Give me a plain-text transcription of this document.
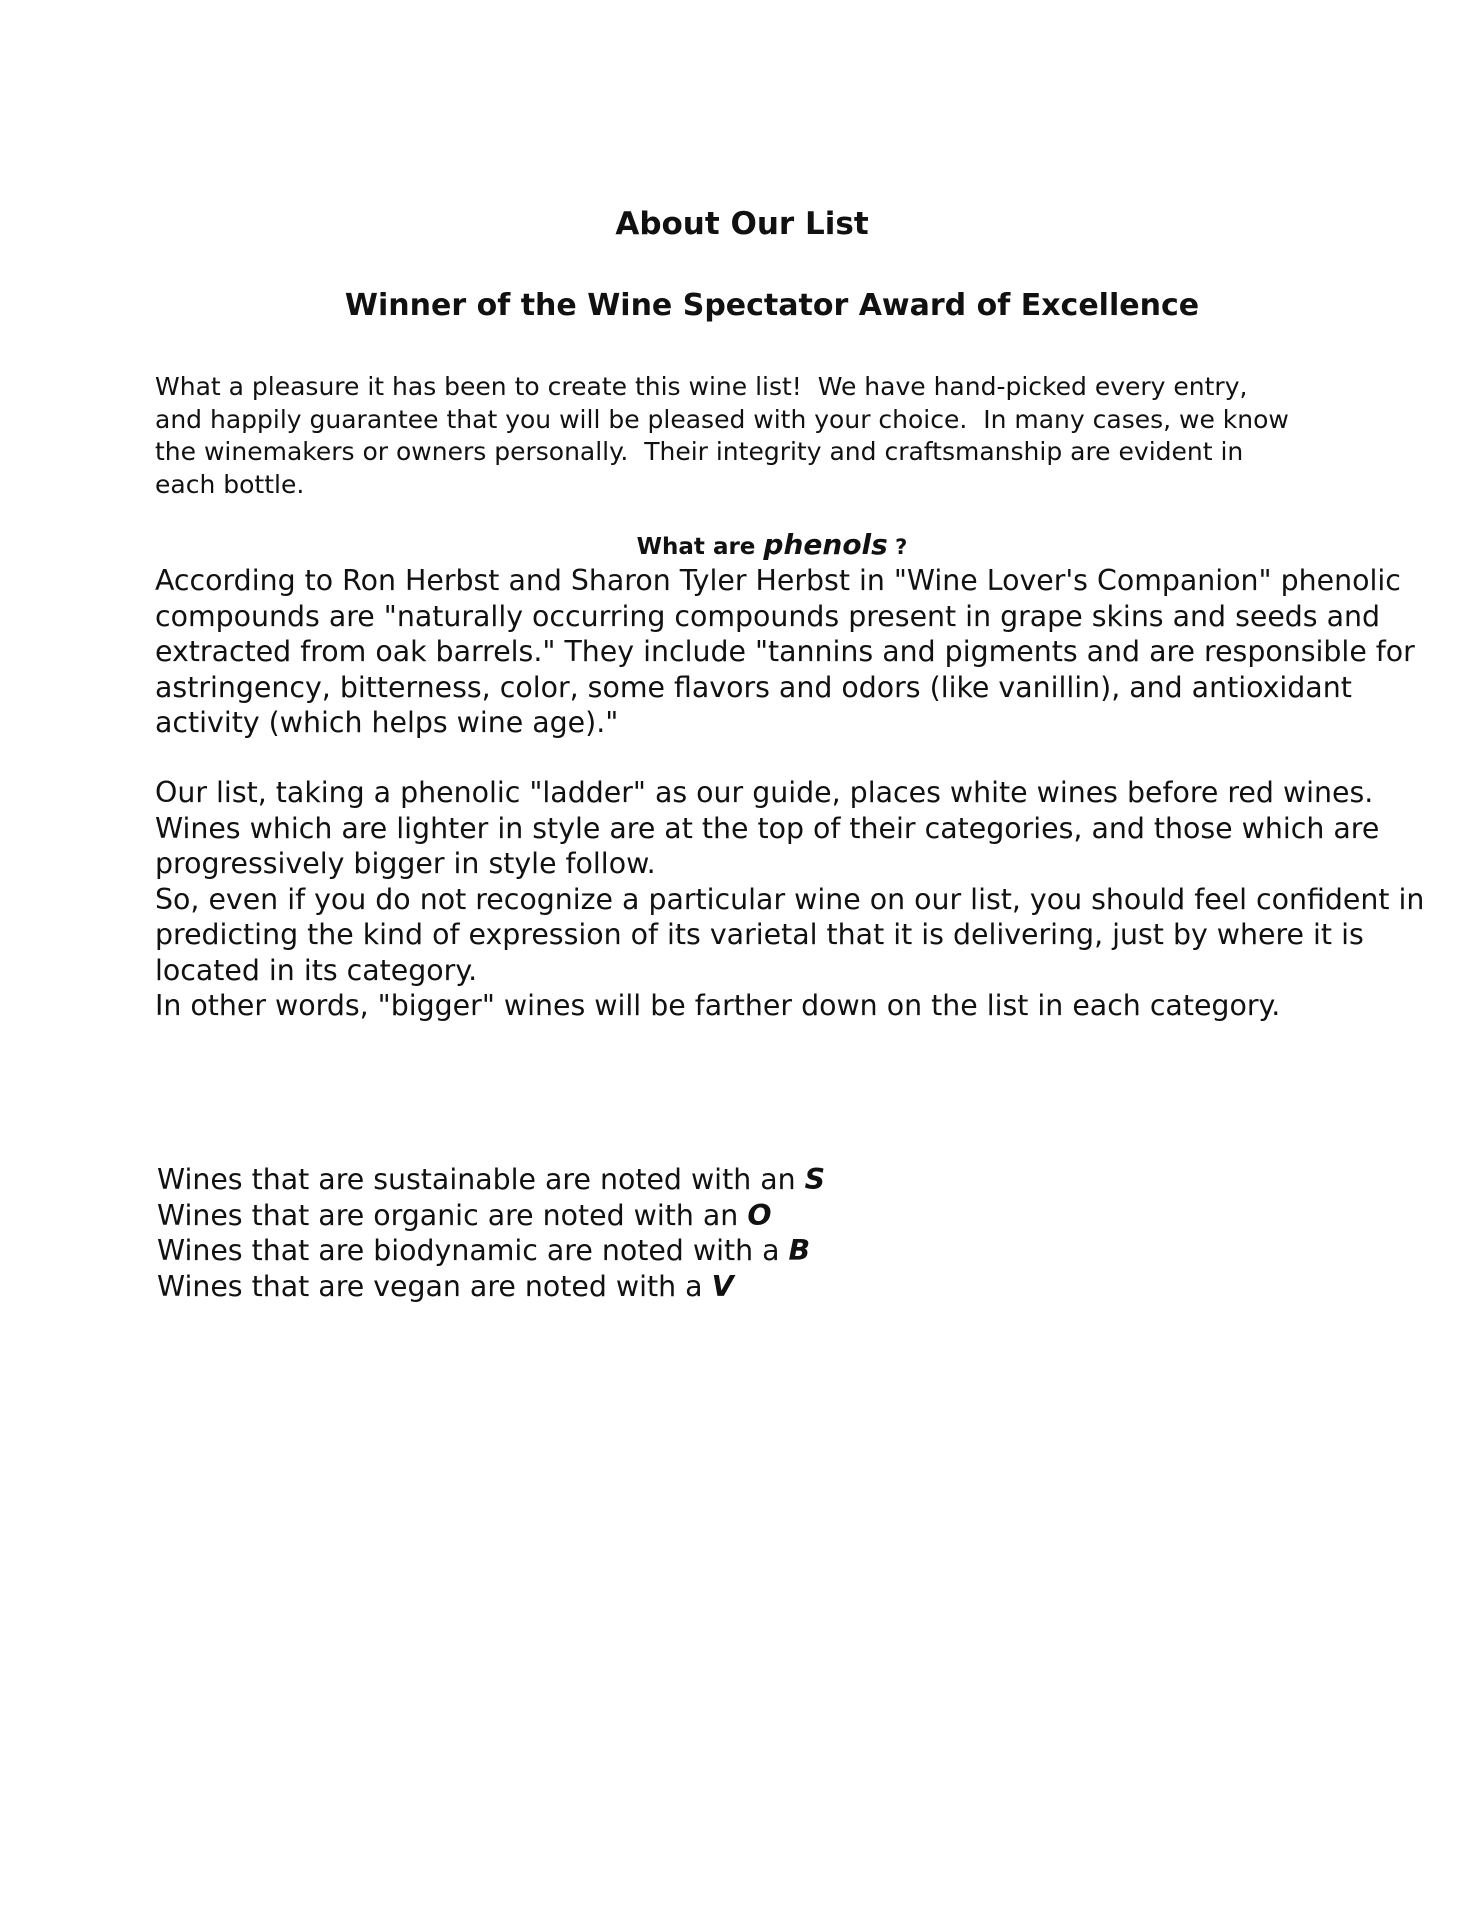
About Our List
Winner of the Wine Spectator Award of Excellence
What a pleasure it has been to create this wine list!  We have hand-picked every entry,
and happily guarantee that you will be pleased with your choice.  In many cases, we know
the winemakers or owners personally.  Their integrity and craftsmanship are evident in
each bottle.
What are phenols ?
According to Ron Herbst and Sharon Tyler Herbst in "Wine Lover's Companion" phenolic
compounds are "naturally occurring compounds present in grape skins and seeds and
extracted from oak barrels." They include "tannins and pigments and are responsible for
astringency, bitterness, color, some flavors and odors (like vanillin), and antioxidant
activity (which helps wine age)."
Our list, taking a phenolic "ladder" as our guide, places white wines before red wines.
Wines which are lighter in style are at the top of their categories, and those which are
progressively bigger in style follow.
So, even if you do not recognize a particular wine on our list, you should feel confident in
predicting the kind of expression of its varietal that it is delivering, just by where it is
located in its category.
In other words, "bigger" wines will be farther down on the list in each category.
Wines that are sustainable are noted with an S
Wines that are organic are noted with an O
Wines that are biodynamic are noted with a B
Wines that are vegan are noted with a V
